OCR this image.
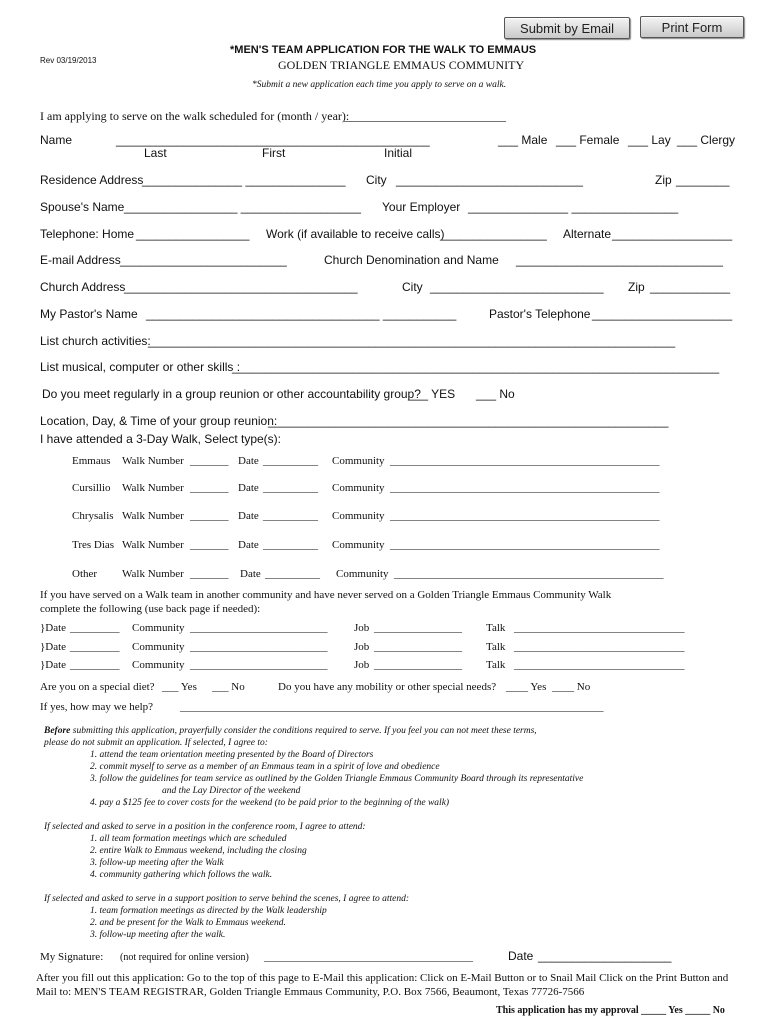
Submit by Email	Print Form
Rev 03/19/2013
*MEN'S TEAM APPLICATION FOR THE WALK TO EMMAUS
GOLDEN TRIANGLE EMMAUS COMMUNITY
*Submit a new application each time you apply to serve on a walk.
I am applying to serve on the walk scheduled for (month / year):
___________________________
Name	_______________________________________________	___ Male ___ Female ___ Lay ___ Clergy
Last	First	Initial
Residence Address
_______________ _______________ City ____________________________	Zip ________
Spouse's Name _________________ __________________ Your Employer _______________ ________________
Telephone: Home _________________ Work (if available to receive calls)
________________ Alternate __________________
E-mail Address _________________________	Church Denomination and Name _______________________________
Church Address
___________________________________	City __________________________ Zip ____________
My Pastor's Name ___________________________________ ___________	Pastor's Telephone _____________________
List church activities:
_______________________________________________________________________________
List musical, computer or other skills :
_________________________________________________________________________
Do you meet regularly in a group reunion or other accountability group?
___ YES ___ No
Location, Day, & Time of your group reunion:
____________________________________________________________
I have attended a 3-Day Walk, Select type(s):
Emmaus Walk Number _______ Date __________ Community _________________________________________________
Cursillio Walk Number _______ Date __________ Community _________________________________________________
Chrysalis Walk Number _______ Date __________ Community _________________________________________________
Tres Dias Walk Number _______ Date __________ Community _________________________________________________
Other Walk Number _______ Date __________ Community _________________________________________________
If you have served on a Walk team in another community and have never served on a Golden Triangle Emmaus Community Walk
complete the following (use back page if needed):
}Date _________ Community _________________________ Job ________________ Talk _______________________________
}Date _________ Community _________________________ Job ________________ Talk _______________________________
}Date _________ Community _________________________ Job ________________ Talk _______________________________
Are you on a special diet? ___ Yes ___ No	Do you have any mobility or other special needs? ____ Yes ____ No
If yes, how may we help? _____________________________________________________________________________
Before submitting this application, prayerfully consider the conditions required to serve. If you feel you can not meet these terms,
please do not submit an application. If selected, I agree to:
1. attend the team orientation meeting presented by the Board of Directors
2. commit myself to serve as a member of an Emmaus team in a spirit of love and obedience
3. follow the guidelines for team service as outlined by the Golden Triangle Emmaus Community Board through its representative
and the Lay Director of the weekend
4. pay a $125 fee to cover costs for the weekend (to be paid prior to the beginning of the walk)
If selected and asked to serve in a position in the conference room, I agree to attend:
1. all team formation meetings which are scheduled
2. entire Walk to Emmaus weekend, including the closing
3. follow-up meeting after the Walk
4. community gathering which follows the walk.
If selected and asked to serve in a support position to serve behind the scenes, I agree to attend:
1. team formation meetings as directed by the Walk leadership
2. and be present for the Walk to Emmaus weekend.
3. follow-up meeting after the walk.
My Signature: (not required for online version) ______________________________________	Date ____________________
After you fill out this application: Go to the top of this page to E-Mail this application: Click on E-Mail Button or to Snail Mail Click on the Print Button and
Mail to: MEN'S TEAM REGISTRAR, Golden Triangle Emmaus Community, P.O. Box 7566, Beaumont, Texas 77726-7566
This application has my approval _____ Yes _____ No
